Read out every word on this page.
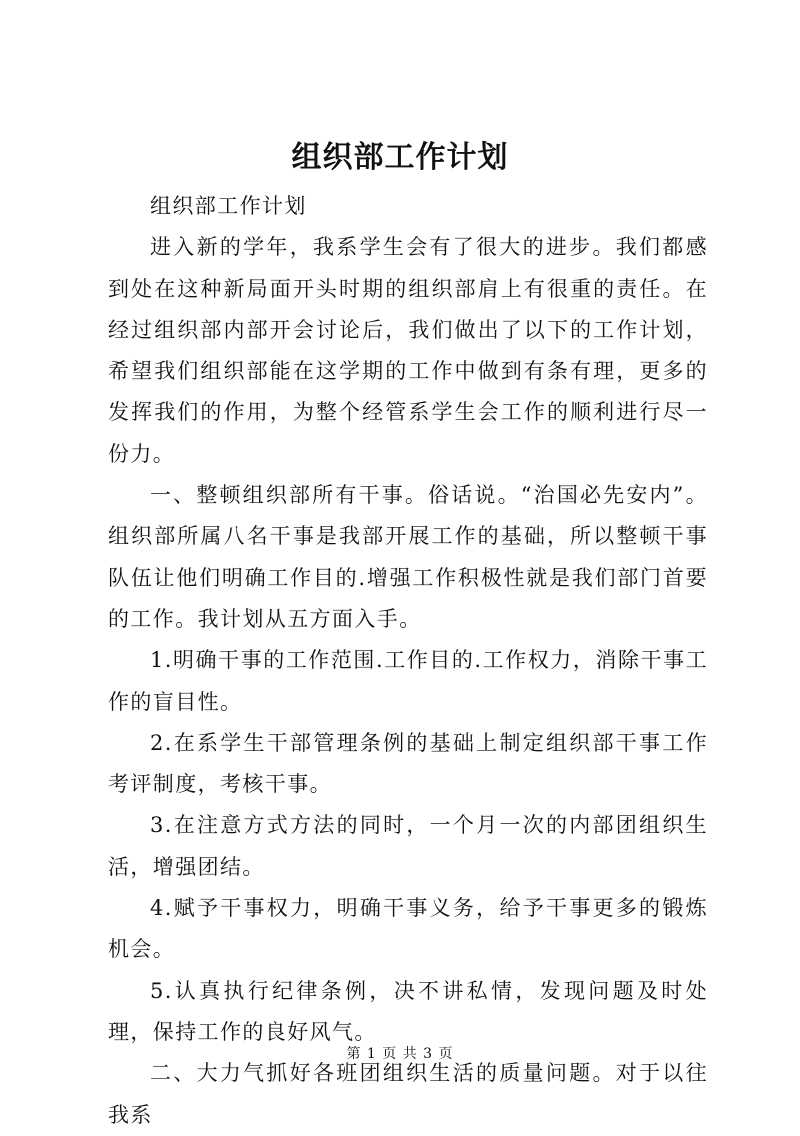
组织部工作计划

组织部工作计划

进入新的学年，我系学生会有了很大的进步。我们都感到处在这种新局面开头时期的组织部肩上有很重的责任。在经过组织部内部开会讨论后，我们做出了以下的工作计划，希望我们组织部能在这学期的工作中做到有条有理，更多的发挥我们的作用，为整个经管系学生会工作的顺利进行尽一份力。

一、整顿组织部所有干事。俗话说。“治国必先安内”。组织部所属八名干事是我部开展工作的基础，所以整顿干事队伍让他们明确工作目的.增强工作积极性就是我们部门首要的工作。我计划从五方面入手。

1.明确干事的工作范围.工作目的.工作权力，消除干事工作的盲目性。

2.在系学生干部管理条例的基础上制定组织部干事工作考评制度，考核干事。

3.在注意方式方法的同时，一个月一次的内部团组织生活，增强团结。

4.赋予干事权力，明确干事义务，给予干事更多的锻炼机会。

5.认真执行纪律条例，决不讲私情，发现问题及时处理，保持工作的良好风气。

二、大力气抓好各班团组织生活的质量问题。对于以往我系

第 1 页 共 3 页
